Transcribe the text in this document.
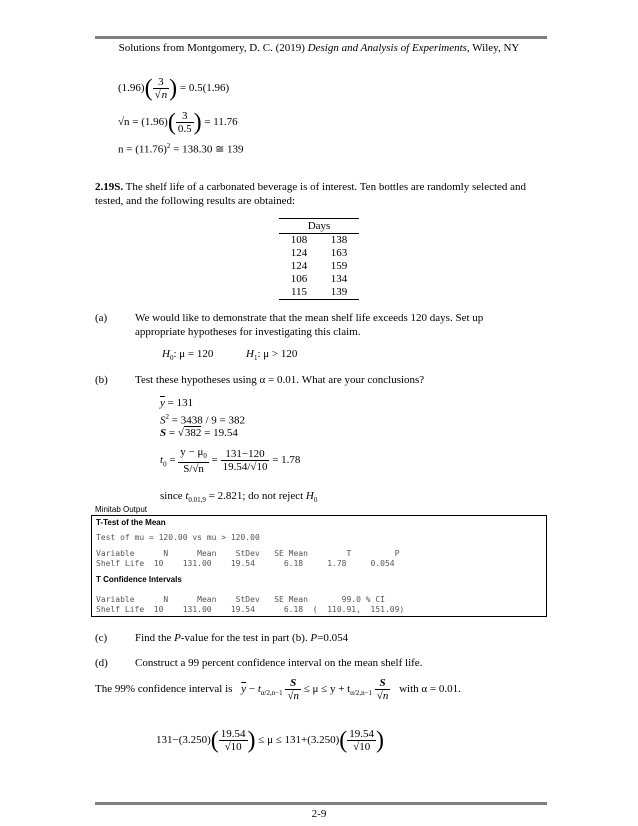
Solutions from Montgomery, D. C. (2019) Design and Analysis of Experiments, Wiley, NY
$(1.96)( \frac{3}{√n}$ ) = 0.5(1.96)
$√n = (1.96)( \frac{3}{0.5}$ ) = 11.76
$n = (11.76)^2 = 138.30$ ≅ 139
2.19S. The shelf life of a carbonated beverage is of interest. Ten bottles are randomly selected and tested, and the following results are obtained:
Days
108	138
124	163
124	159
106	134
115	139
(a)	We would like to demonstrate that the mean shelf life exceeds 120 days. Set up appropriate hypotheses for investigating this claim.
$H_0$: μ = 120	$H_1$: μ > 120
(b) Test these hypotheses using α = 0.01. What are your conclusions?
$\overline{y} = 131$
$S^2 = 3438 / 9 = 382$
S = √382 = 19.54
$t_0 = \frac{y - \mu_0}{S/√n} = \frac{131-120}{19.54/√10} = 1.78$
since $t_{0.01,9} = 2.821$; do not reject $H_0$
Minitab Output
T-Test of the Mean
Test of mu = 120.00 vs mu > 120.00
Variable      N      Mean    StDev   SE Mean        T         P
Shelf Life  10    131.00    19.54      6.18     1.78     0.054
T Confidence Intervals
Variable      N      Mean    StDev   SE Mean       99.0 % CI
Shelf Life  10    131.00    19.54      6.18  (  110.91,  151.09)
(c)	Find the P-value for the test in part (b). P=0.054
(d) Construct a 99 percent confidence interval on the mean shelf life.
The 99% confidence interval is $\overline{y} - t_{\alpha/2,n-1} \frac{S}{√n} \le \mu \le y + t_{\alpha/2,n-1} \frac{S}{√n}$ with α = 0.01.
$131-(3.250)( \frac{19.54}{√10}$ ) ≤ $\mu \le 131+(3.250)( \frac{19.54}{√10}$ )
2-9
